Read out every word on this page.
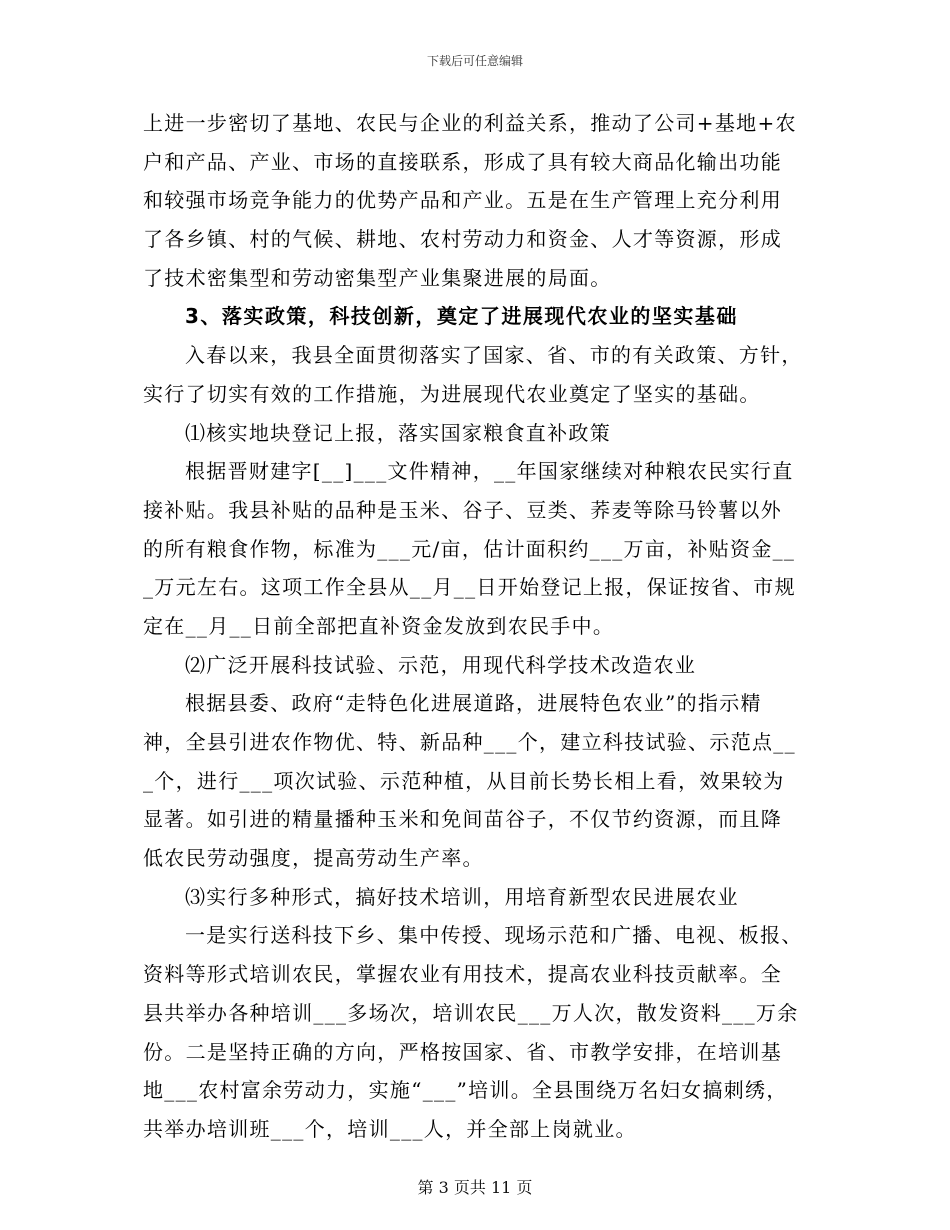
下载后可任意编辑
上进一步密切了基地、农民与企业的利益关系，推动了公司+基地+农
户和产品、产业、市场的直接联系，形成了具有较大商品化输出功能
和较强市场竞争能力的优势产品和产业。五是在生产管理上充分利用
了各乡镇、村的气候、耕地、农村劳动力和资金、人才等资源，形成
了技术密集型和劳动密集型产业集聚进展的局面。
3、落实政策，科技创新，奠定了进展现代农业的坚实基础
入春以来，我县全面贯彻落实了国家、省、市的有关政策、方针，
实行了切实有效的工作措施，为进展现代农业奠定了坚实的基础。
⑴核实地块登记上报，落实国家粮食直补政策
根据晋财建字[__]___文件精神，__年国家继续对种粮农民实行直
接补贴。我县补贴的品种是玉米、谷子、豆类、荞麦等除马铃薯以外
的所有粮食作物，标准为___元/亩，估计面积约___万亩，补贴资金__
_万元左右。这项工作全县从__月__日开始登记上报，保证按省、市规
定在__月__日前全部把直补资金发放到农民手中。
⑵广泛开展科技试验、示范，用现代科学技术改造农业
根据县委、政府“走特色化进展道路，进展特色农业”的指示精
神，全县引进农作物优、特、新品种___个，建立科技试验、示范点__
_个，进行___项次试验、示范种植，从目前长势长相上看，效果较为
显著。如引进的精量播种玉米和免间苗谷子，不仅节约资源，而且降
低农民劳动强度，提高劳动生产率。
⑶实行多种形式，搞好技术培训，用培育新型农民进展农业
一是实行送科技下乡、集中传授、现场示范和广播、电视、板报、
资料等形式培训农民，掌握农业有用技术，提高农业科技贡献率。全
县共举办各种培训___多场次，培训农民___万人次，散发资料___万余
份。二是坚持正确的方向，严格按国家、省、市教学安排，在培训基
地___农村富余劳动力，实施“___”培训。全县围绕万名妇女搞刺绣，
共举办培训班___个，培训___人，并全部上岗就业。
第 3 页共 11 页
